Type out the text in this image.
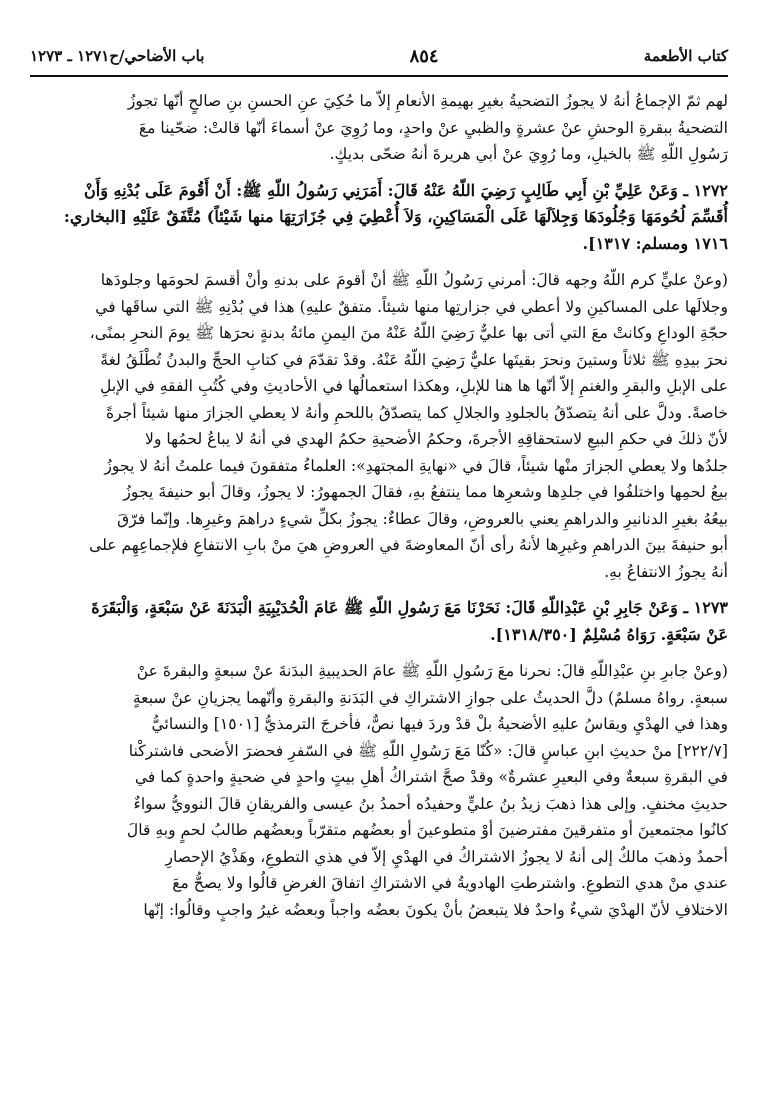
كتاب الأطعمة
٨٥٤
باب الأضاحي/ح١٢٧١ ـ ١٢٧٣

لهم ثمّ الإجماعُ أنهُ لا يجوزُ التضحيةُ بغيرِ بهيمةِ الأنعامِ إلاّ ما حُكِيَ عنِ الحسنِ بنِ صالحٍ أنّها تجوزُ

التضحيةُ ببقرةِ الوحشِ عنْ عشرةٍ والظبيِ عنْ واحدٍ، وما رُوِيَ عنْ أسماءَ أنّها قالتْ: ضحّينا معَ

رَسُولِ اللّهِ ﷺ بالخيلِ، وما رُوِيَ عنْ أبي هريرةَ أنهُ ضحّى بديكٍ.

١٢٧٢ ـ وَعَنْ عَلِيِّ بْنِ أَبِي طَالِبٍ رَضِيَ اللّهُ عَنْهُ قَالَ: أَمَرَنِي رَسُولُ اللّهِ ﷺ: أَنْ أَقُومَ عَلَى بُدْنِهِ وَأَنْ

أُقَسِّمَ لُحُومَهَا وَجُلُودَهَا وَجِلاَلَهَا عَلَى الْمَسَاكِينِ، وَلاَ أُعْطِيَ فِي جُزَارَتِهَا منها شَيْئاً) مُتَّفَقٌ عَلَيْهِ [البخاري:

١٧١٦ ومسلم: ١٣١٧].

(وعنْ عليٍّ كرم اللّهُ وجهه قالَ: أمرني رَسُولُ اللّهِ ﷺ أنْ أقومَ على بدنهِ وأنْ أقسمَ لحومَها وجلودَها

وجلالَها على المساكينِ ولا أعطي في جزارتِها منها شيئاً. متفقٌ عليهِ) هذا في بُدْنِهِ ﷺ التي ساقَها في

حجّةِ الوداعِ وكانتْ معَ التي أتى بها عليٌّ رَضِيَ اللّهُ عَنْهُ منَ اليمنِ مائةُ بدنةٍ نحرَها ﷺ يومَ النحرِ بمنًى،

نحرَ بيدِهِ ﷺ ثلاثاً وستينَ ونحرَ بقيتَها عليٌّ رَضِيَ اللّهُ عَنْهُ. وقدْ تقدّمَ في كتابِ الحجِّ والبدنُ تُطْلَقُ لغةً

على الإبلِ والبقرِ والغنمِ إلاّ أنّها ها هنا للإبلِ، وهكذا استعمالُها في الأحاديثِ وفي كُتُبِ الفقهِ في الإبلِ

خاصةً. ودلَّ على أنهُ يتصدّقُ بالجلودِ والجلالِ كما يتصدّقُ باللحمِ وأنهُ لا يعطي الجزارَ منها شيئاً أجرةً

لأنّ ذلكَ في حكمِ البيعِ لاستحقاقِهِ الأجرةَ، وحكمُ الأضحيةِ حكمُ الهدي في أنهُ لا يباعُ لحمُها ولا

جلدُها ولا يعطي الجزارَ منْها شيئاً، قالَ في «نهايةِ المجتهدِ»: العلماءُ متفقونَ فيما علمتُ أنهُ لا يجوزُ

بيعُ لحمِها واختلفُوا في جلدِها وشعرِها مما ينتفعُ بهِ، فقالَ الجمهورُ: لا يجوزُ، وقالَ أبو حنيفةَ يجوزُ

بيعُهُ بغيرِ الدنانيرِ والدراهمِ يعني بالعروضِ، وقالَ عطاءٌ: يجوزُ بكلِّ شيءٍ دراهمَ وغيرِها. وإنّما فرّقَ

أبو حنيفةَ بينَ الدراهمِ وغيرِها لأنهُ رأى أنّ المعاوضةَ في العروضِ هيَ منْ بابِ الانتفاعِ فلإجماعِهِم على

أنهُ يجوزُ الانتفاعُ بهِ.

١٢٧٣ ـ وَعَنْ جَابِرِ بْنِ عَبْدِاللّهِ قَالَ: نَحَرْنَا مَعَ رَسُولِ اللّهِ ﷺ عَامَ الْحُدَيْبِيَةِ الْبَدَنَةَ عَنْ سَبْعَةٍ، وَالْبَقَرَةَ

عَنْ سَبْعَةٍ. رَوَاهُ مُسْلِمٌ [١٣١٨/٣٥٠].

(وعنْ جابرِ بنِ عبْدِاللّهِ قالَ: نحرنا معَ رَسُولِ اللّهِ ﷺ عامَ الحديبيةِ البدَنةَ عنْ سبعةٍ والبقرةَ عنْ

سبعةٍ. رواهُ مسلمٌ) دلَّ الحديثُ على جوازِ الاشتراكِ في البَدَنةِ والبقرةِ وأنّهما يجزيانِ عنْ سبعةٍ

وهذا في الهدْيِ ويقاسُ عليهِ الأضحيةُ بلْ قدْ وردَ فيها نصٌّ، فأخرجَ الترمذيُّ [١٥٠١] والنسائيُّ

[٢٢٢/٧] منْ حديثِ ابنِ عباسٍ قالَ: «كُنّا مَعَ رَسُولِ اللّهِ ﷺ في السّفرِ فحضرَ الأضحى فاشتركْنا

في البقرةِ سبعةٌ وفي البعيرِ عشرةٌ» وقدْ صحَّ اشتراكُ أهلِ بيتٍ واحدٍ في ضحيةٍ واحدةٍ كما في

حديثِ مخنفٍ. وإلى هذا ذهبَ زيدُ بنُ عليٍّ وحفيدُه أحمدُ بنُ عيسى والفريقانِ قالَ النوويُّ سواءٌ

كانُوا مجتمعينَ أو متفرقينَ مفترضينَ أوْ متطوعينَ أو بعضُهم متقرّباً وبعضُهم طالبُ لحمٍ وبهِ قالَ

أحمدُ وذهبَ مالكٌ إلى أنهُ لا يجوزُ الاشتراكُ في الهدْيِ إلاّ في هذي التطوعِ، وهَذْيُ الإحصارِ

عندي منْ هدي التطوعِ. واشترطتِ الهادويةُ في الاشتراكِ اتفاقَ الغرضِ قالُوا ولا يصحُّ معَ

الاختلافِ لأنّ الهدْيَ شيءٌ واحدٌ فلا يتبعضُ بأنْ يكونَ بعضُه واجباً وبعضُه غيرُ واجبٍ وقالُوا: إنّها
